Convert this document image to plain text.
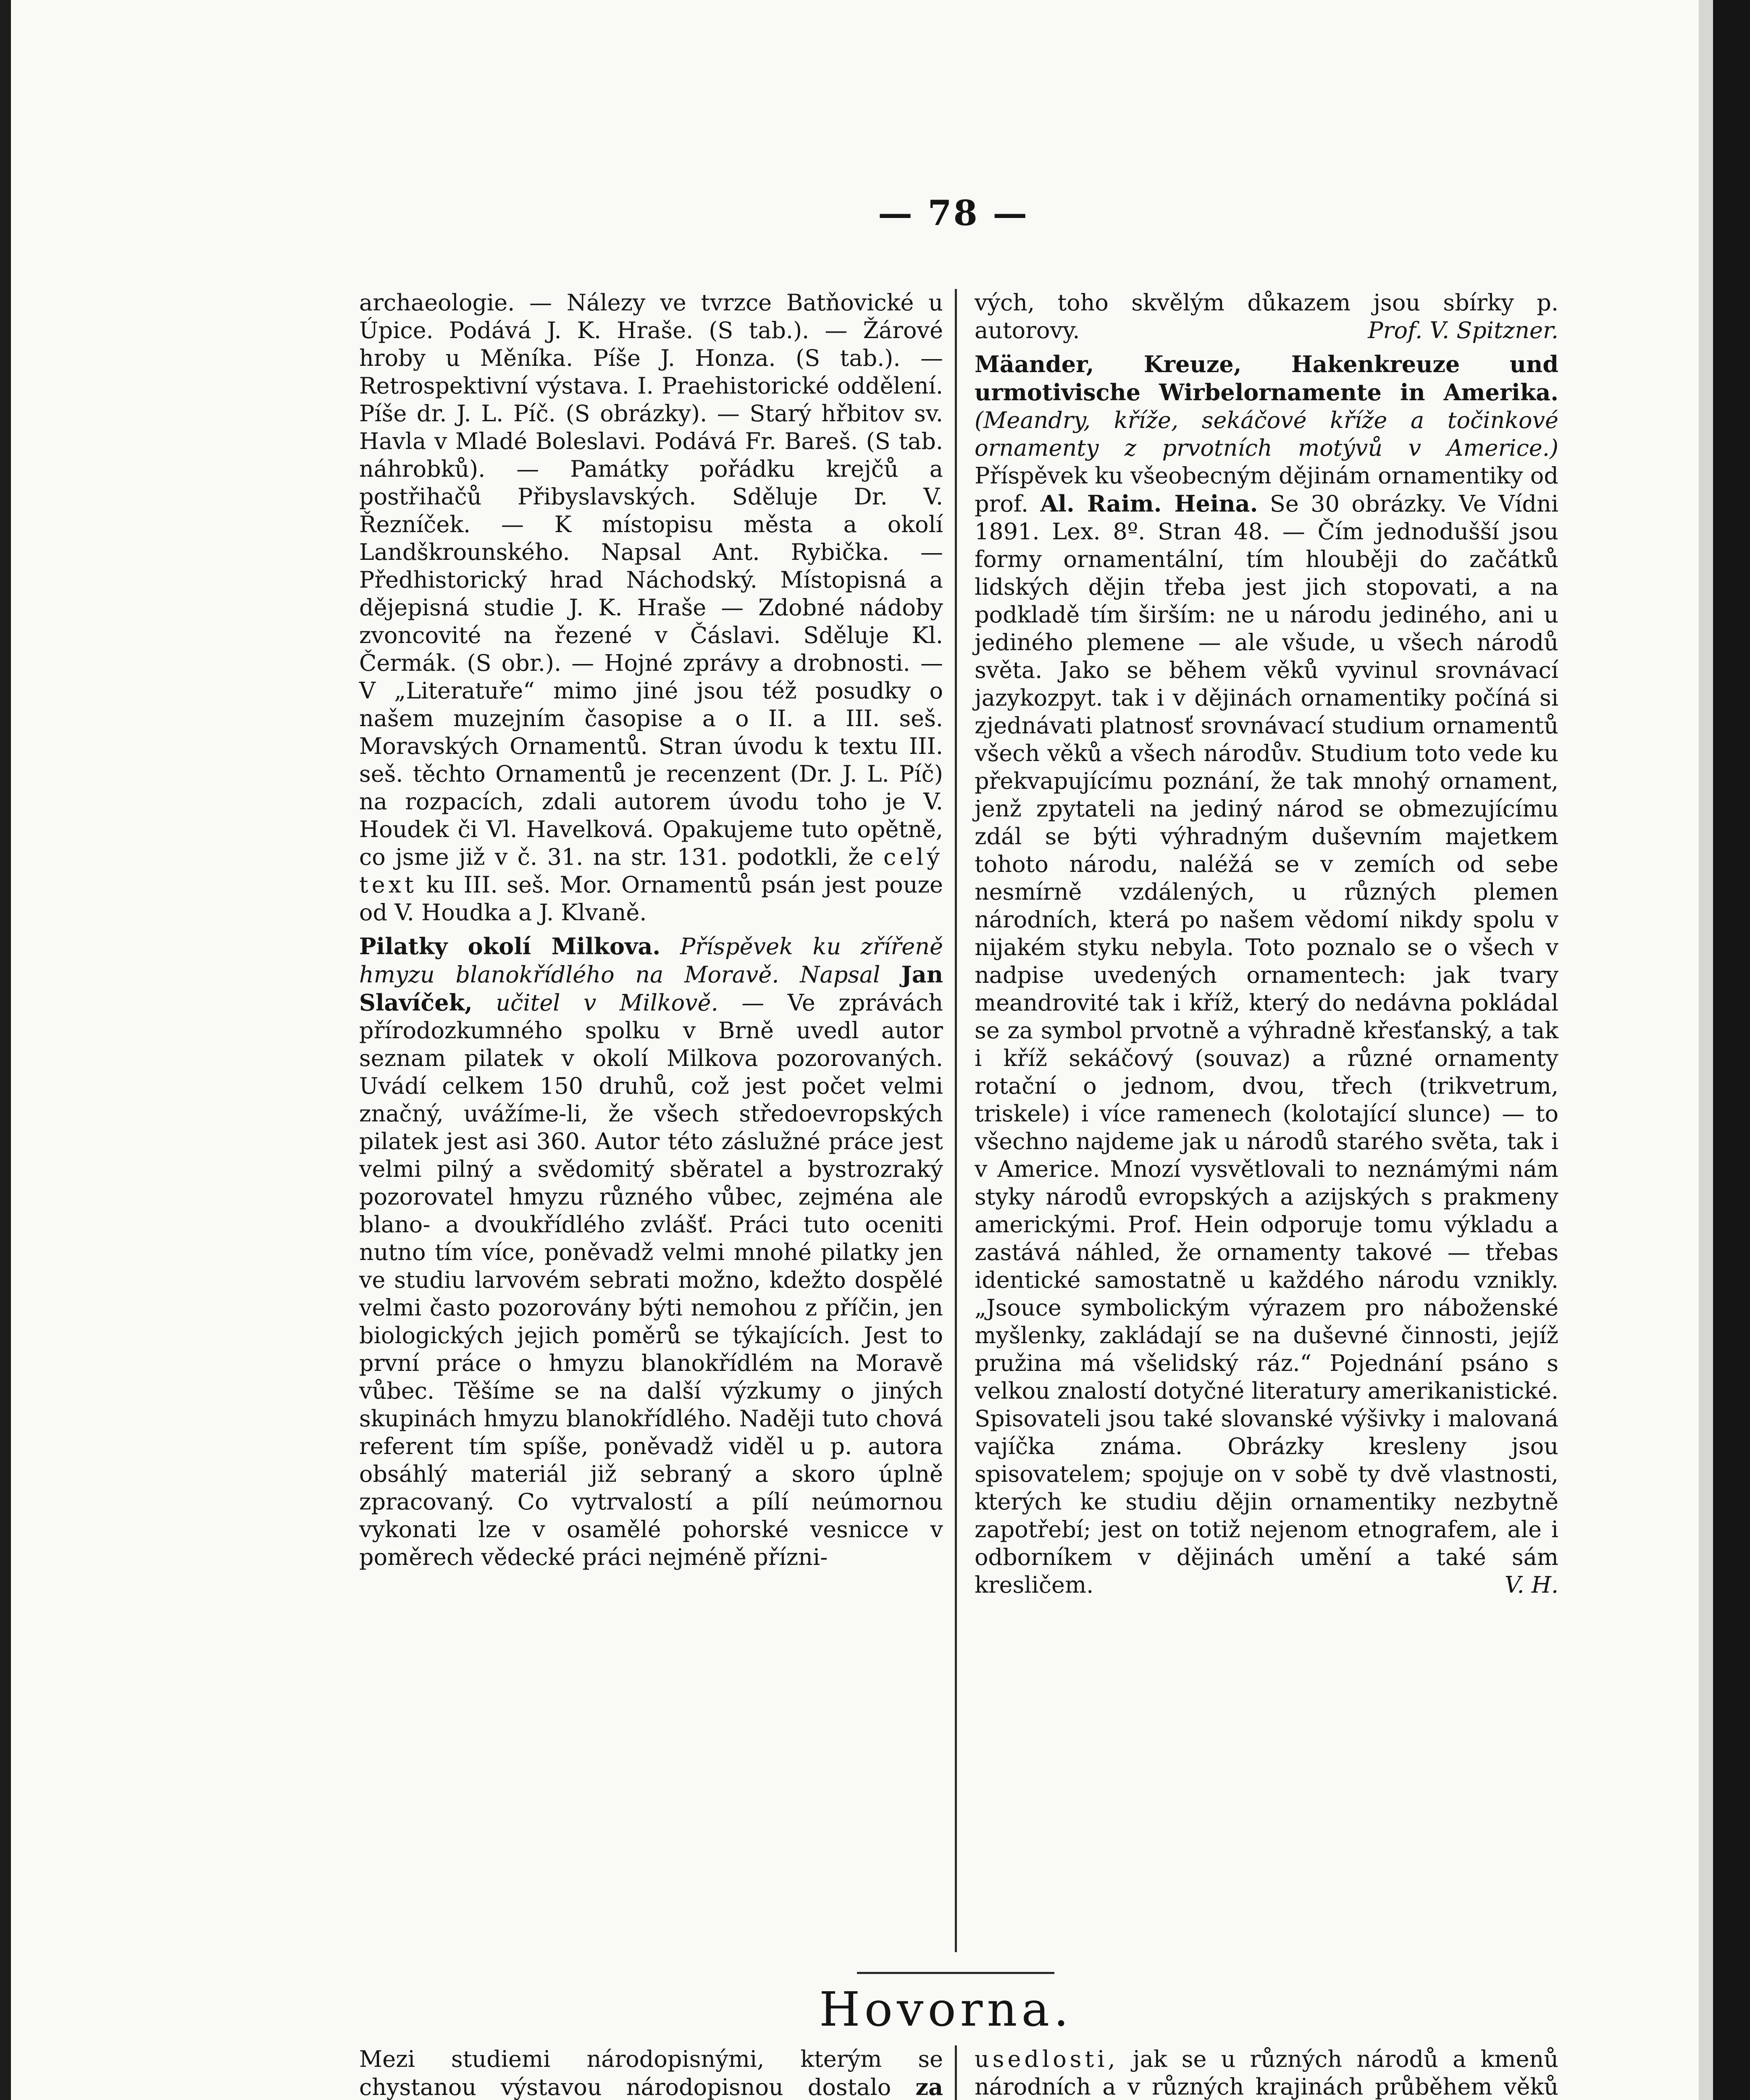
— 78 —

archaeologie. — Nálezy ve tvrzce Batňovické u Úpice. Podává J. K. Hraše. (S tab.). — Žárové hroby u Měníka. Píše J. Honza. (S tab.). — Retrospektivní výstava. I. Praehistorické oddělení. Píše dr. J. L. Píč. (S obrázky). — Starý hřbitov sv. Havla v Mladé Boleslavi. Podává Fr. Bareš. (S tab. náhrobků). — Památky pořádku krejčů a postřihačů Přibyslavských. Sděluje Dr. V. Řezníček. — K místopisu města a okolí Landškrounského. Napsal Ant. Rybička. — Předhistorický hrad Náchodský. Místopisná a dějepisná studie J. K. Hraše — Zdobné nádoby zvoncovité na řezené v Čáslavi. Sděluje Kl. Čermák. (S obr.). — Hojné zprávy a drobnosti. — V „Literatuře“ mimo jiné jsou též posudky o našem muzejním časopise a o II. a III. seš. Moravských Ornamentů. Stran úvodu k textu III. seš. těchto Ornamentů je recenzent (Dr. J. L. Píč) na rozpacích, zdali autorem úvodu toho je V. Houdek či Vl. Havelková. Opakujeme tuto opětně, co jsme již v č. 31. na str. 131. podotkli, že celý text ku III. seš. Mor. Ornamentů psán jest pouze od V. Houdka a J. Klvaně.

Pilatky okolí Milkova. Příspěvek ku zřířeně hmyzu blanokřídlého na Moravě. Napsal Jan Slavíček, učitel v Milkově. — Ve zprávách přírodozkumného spolku v Brně uvedl autor seznam pilatek v okolí Milkova pozorovaných. Uvádí celkem 150 druhů, což jest počet velmi značný, uvážíme-li, že všech středoevropských pilatek jest asi 360. Autor této záslužné práce jest velmi pilný a svědomitý sběratel a bystrozraký pozorovatel hmyzu různého vůbec, zejména ale blano- a dvoukřídlého zvlášť. Práci tuto oceniti nutno tím více, poněvadž velmi mnohé pilatky jen ve studiu larvovém sebrati možno, kdežto dospělé velmi často pozorovány býti nemohou z příčin, jen biologických jejich poměrů se týkajících. Jest to první práce o hmyzu blanokřídlém na Moravě vůbec. Těšíme se na další výzkumy o jiných skupinách hmyzu blanokřídlého. Naději tuto chová referent tím spíše, poněvadž viděl u p. autora obsáhlý materiál již sebraný a skoro úplně zpracovaný. Co vytrvalostí a pílí neúmornou vykonati lze v osamělé pohorské vesnicce v poměrech vědecké práci nejméně přízni-

vých, toho skvělým důkazem jsou sbírky p. autorovy.	Prof. V. Spitzner.

Mäander, Kreuze, Hakenkreuze und urmotivische Wirbelornamente in Amerika. (Meandry, kříže, sekáčové kříže a točinkové ornamenty z prvotních motývů v Americe.) Příspěvek ku všeobecným dějinám ornamentiky od prof. Al. Raim. Heina. Se 30 obrázky. Ve Vídni 1891. Lex. 8º. Stran 48. — Čím jednodušší jsou formy ornamentální, tím hlouběji do začátků lidských dějin třeba jest jich stopovati, a na podkladě tím širším: ne u národu jediného, ani u jediného plemene — ale všude, u všech národů světa. Jako se během věků vyvinul srovnávací jazykozpyt. tak i v dějinách ornamentiky počíná si zjednávati platnosť srovnávací studium ornamentů všech věků a všech národův. Studium toto vede ku překvapujícímu poznání, že tak mnohý ornament, jenž zpytateli na jediný národ se obmezujícímu zdál se býti výhradným duševním majetkem tohoto národu, naléžá se v zemích od sebe nesmírně vzdálených, u různých plemen národních, která po našem vědomí nikdy spolu v nijakém styku nebyla. Toto poznalo se o všech v nadpise uvedených ornamentech: jak tvary meandrovité tak i kříž, který do nedávna pokládal se za symbol prvotně a výhradně křesťanský, a tak i kříž sekáčový (souvaz) a různé ornamenty rotační o jednom, dvou, třech (trikvetrum, triskele) i více ramenech (kolotající slunce) — to všechno najdeme jak u národů starého světa, tak i v Americe. Mnozí vysvětlovali to neznámými nám styky národů evropských a azijských s prakmeny americkými. Prof. Hein odporuje tomu výkladu a zastává náhled, že ornamenty takové — třebas identické samostatně u každého národu vznikly. „Jsouce symbolickým výrazem pro náboženské myšlenky, zakládají se na duševné činnosti, jejíž pružina má všelidský ráz.“ Pojednání psáno s velkou znalostí dotyčné literatury amerikanistické. Spisovateli jsou také slovanské výšivky i malovaná vajíčka známa. Obrázky kresleny jsou spisovatelem; spojuje on v sobě ty dvě vlastnosti, kterých ke studiu dějin ornamentiky nezbytně zapotřebí; jest on totiž nejenom etnografem, ale i odborníkem v dějinách umění a také sám kresličem.	V. H.

Hovorna.

Mezi studiemi národopisnými, kterým se chystanou výstavou národopisnou dostalo za

usedlosti, jak se u různých národů a kmenů národních a v různých krajinách průběhem věků
